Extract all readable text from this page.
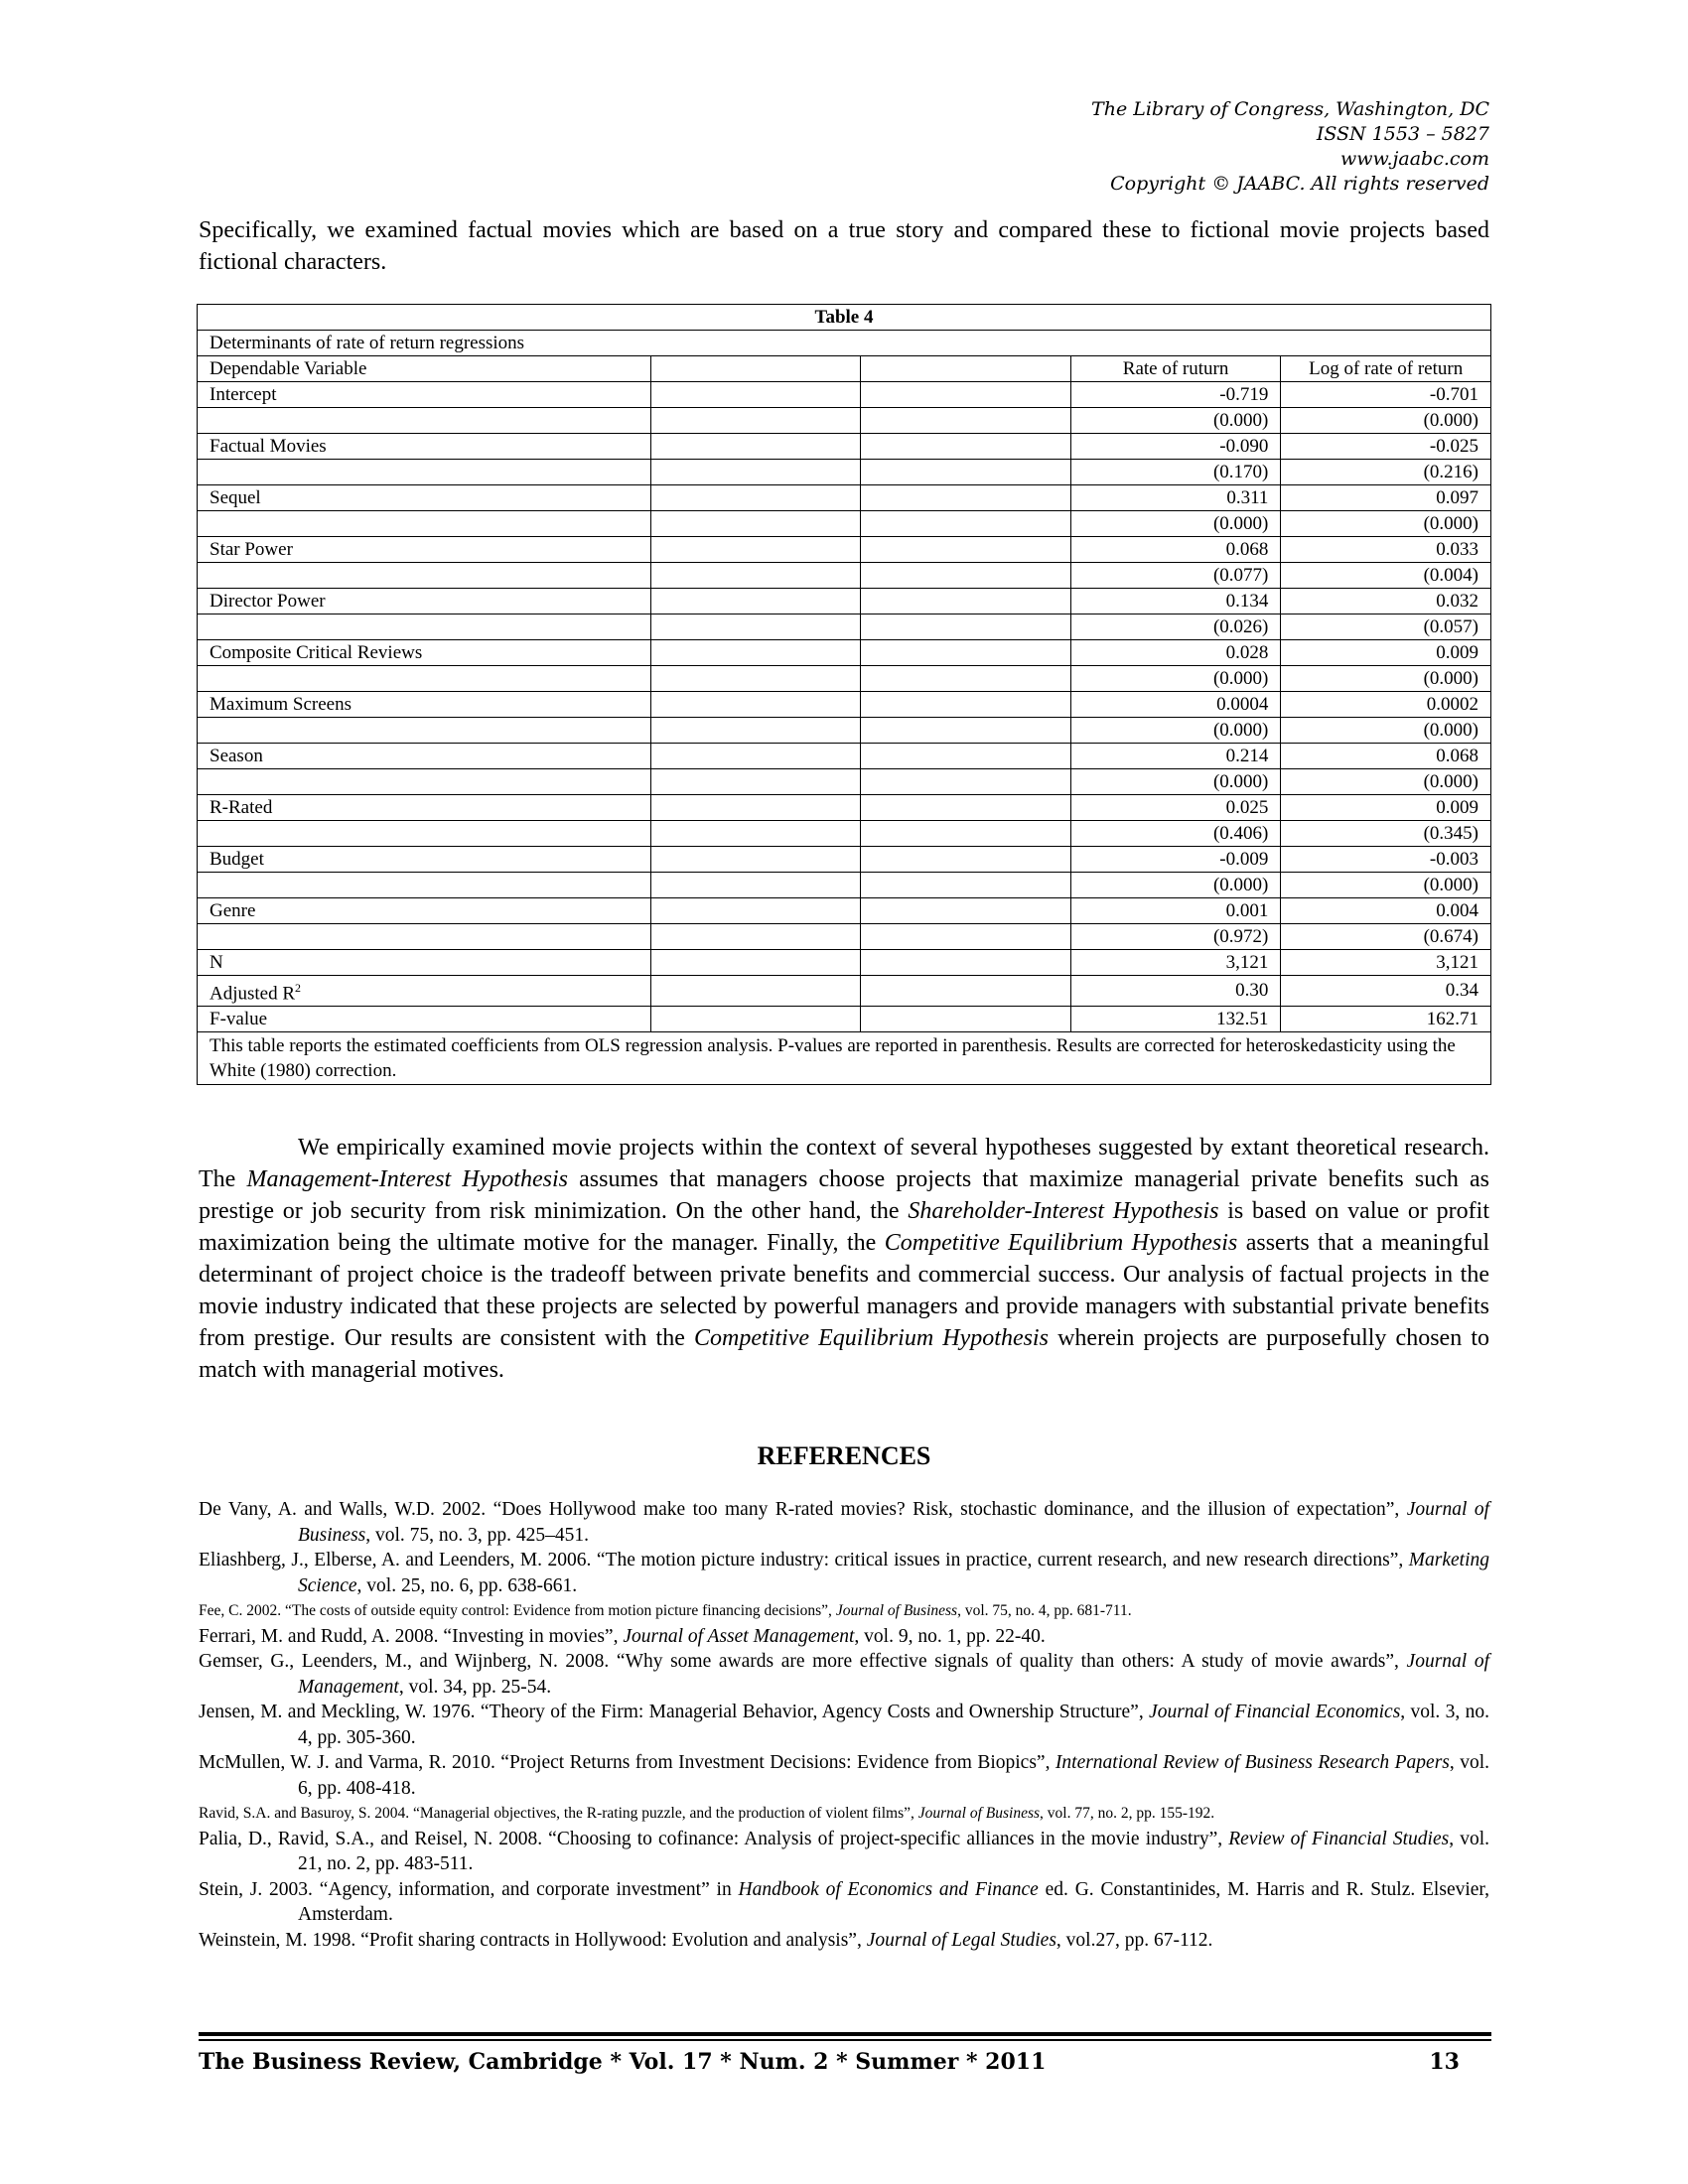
The Library of Congress, Washington, DC
ISSN 1553 – 5827
www.jaabc.com
Copyright © JAABC. All rights reserved
Specifically, we examined factual movies which are based on a true story and compared these to fictional movie projects based fictional characters.
Table 4				
Determinants of rate of return regressions				
Dependable Variable			Rate of ruturn	Log of rate of return
Intercept			-0.719	-0.701
			(0.000)	(0.000)
Factual Movies			-0.090	-0.025
			(0.170)	(0.216)
Sequel			0.311	0.097
			(0.000)	(0.000)
Star Power			0.068	0.033
			(0.077)	(0.004)
Director Power			0.134	0.032
			(0.026)	(0.057)
Composite Critical Reviews			0.028	0.009
			(0.000)	(0.000)
Maximum Screens			0.0004	0.0002
			(0.000)	(0.000)
Season			0.214	0.068
			(0.000)	(0.000)
R-Rated			0.025	0.009
			(0.406)	(0.345)
Budget			-0.009	-0.003
			(0.000)	(0.000)
Genre			0.001	0.004
			(0.972)	(0.674)
N			3,121	3,121
Adjusted $R^2$			0.30	0.34
F-value			132.51	162.71
This table reports the estimated coefficients from OLS regression analysis. P-values are reported in parenthesis. Results are corrected for heteroskedasticity using the White (1980) correction.				
We empirically examined movie projects within the context of several hypotheses suggested by extant theoretical research. The Management-Interest Hypothesis assumes that managers choose projects that maximize managerial private benefits such as prestige or job security from risk minimization. On the other hand, the Shareholder-Interest Hypothesis is based on value or profit maximization being the ultimate motive for the manager. Finally, the Competitive Equilibrium Hypothesis asserts that a meaningful determinant of project choice is the tradeoff between private benefits and commercial success. Our analysis of factual projects in the movie industry indicated that these projects are selected by powerful managers and provide managers with substantial private benefits from prestige. Our results are consistent with the Competitive Equilibrium Hypothesis wherein projects are purposefully chosen to match with managerial motives.
REFERENCES
De Vany, A. and Walls, W.D. 2002. “Does Hollywood make too many R-rated movies? Risk, stochastic dominance, and the illusion of expectation”, Journal of Business, vol. 75, no. 3, pp. 425–451.
Eliashberg, J., Elberse, A. and Leenders, M. 2006. “The motion picture industry: critical issues in practice, current research, and new research directions”, Marketing Science, vol. 25, no. 6, pp. 638-661.
Fee, C. 2002. “The costs of outside equity control: Evidence from motion picture financing decisions”, Journal of Business, vol. 75, no. 4, pp. 681-711.
Ferrari, M. and Rudd, A. 2008. “Investing in movies”, Journal of Asset Management, vol. 9, no. 1, pp. 22-40.
Gemser, G., Leenders, M., and Wijnberg, N. 2008. “Why some awards are more effective signals of quality than others: A study of movie awards”, Journal of Management, vol. 34, pp. 25-54.
Jensen, M. and Meckling, W. 1976. “Theory of the Firm: Managerial Behavior, Agency Costs and Ownership Structure”, Journal of Financial Economics, vol. 3, no. 4, pp. 305-360.
McMullen, W. J. and Varma, R. 2010. “Project Returns from Investment Decisions: Evidence from Biopics”, International Review of Business Research Papers, vol. 6, pp. 408-418.
Ravid, S.A. and Basuroy, S. 2004. “Managerial objectives, the R-rating puzzle, and the production of violent films”, Journal of Business, vol. 77, no. 2, pp. 155-192.
Palia, D., Ravid, S.A., and Reisel, N. 2008. “Choosing to cofinance: Analysis of project-specific alliances in the movie industry”, Review of Financial Studies, vol. 21, no. 2, pp. 483-511.
Stein, J. 2003. “Agency, information, and corporate investment” in Handbook of Economics and Finance ed. G. Constantinides, M. Harris and R. Stulz. Elsevier, Amsterdam.
Weinstein, M. 1998. “Profit sharing contracts in Hollywood: Evolution and analysis”, Journal of Legal Studies, vol.27, pp. 67-112.
The Business Review, Cambridge * Vol. 17 * Num. 2 * Summer * 2011	13
